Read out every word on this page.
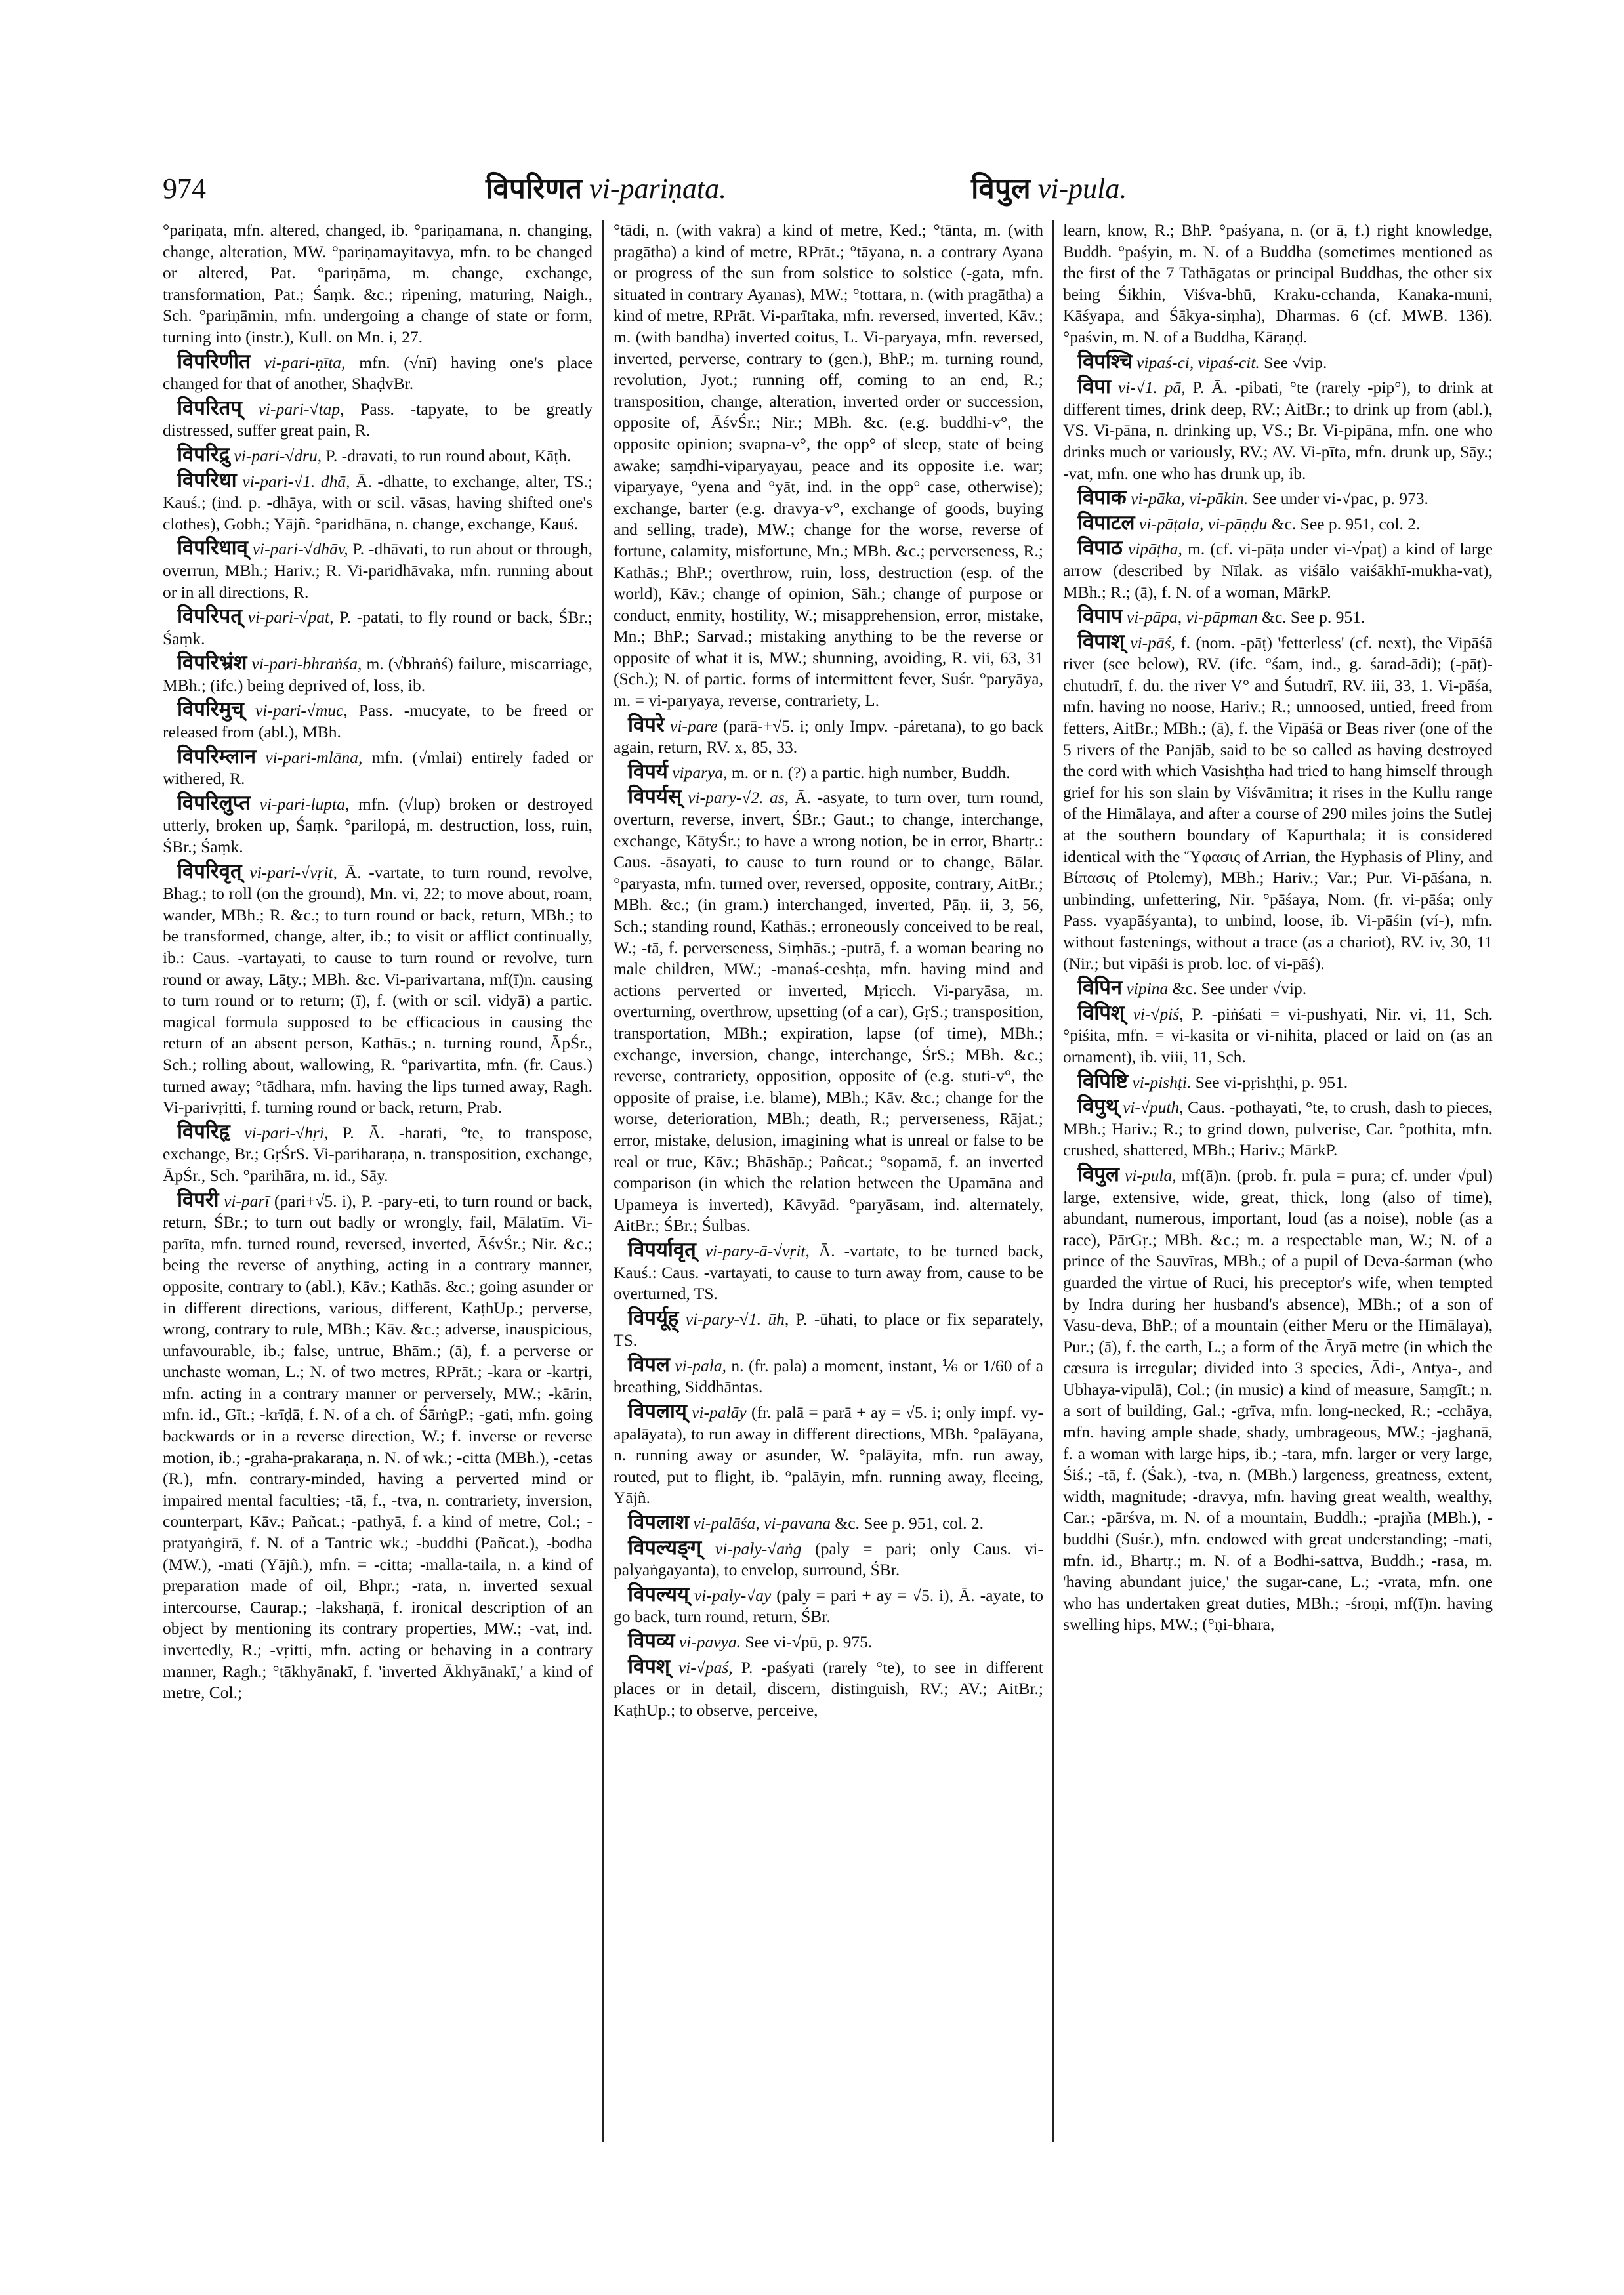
974	विपरिणत vi-pariṇata.	विपुल vi-pula.

°pariṇata, mfn. altered, changed, ib. °pariṇamana, n. changing, change, alteration, MW. °pariṇamayitavya, mfn. to be changed or altered, Pat. °pariṇāma, m. change, exchange, transformation, Pat.; Śaṃk. &c.; ripening, maturing, Naigh., Sch. °pariṇāmin, mfn. undergoing a change of state or form, turning into (instr.), Kull. on Mn. i, 27.

विपरिणीत vi-pari-ṇīta, mfn. (√nī) having one's place changed for that of another, ShaḍvBr.

विपरितप् vi-pari-√tap, Pass. -tapyate, to be greatly distressed, suffer great pain, R.

विपरिद्रु vi-pari-√dru, P. -dravati, to run round about, Kāṭh.

विपरिधा vi-pari-√1. dhā, Ā. -dhatte, to exchange, alter, TS.; Kauś.; (ind. p. -dhāya, with or scil. vāsas, having shifted one's clothes), Gobh.; Yājñ. °paridhāna, n. change, exchange, Kauś.

विपरिधाव् vi-pari-√dhāv, P. -dhāvati, to run about or through, overrun, MBh.; Hariv.; R. Vi-paridhāvaka, mfn. running about or in all directions, R.

विपरिपत् vi-pari-√pat, P. -patati, to fly round or back, ŚBr.; Śaṃk.

विपरिभ्रंश vi-pari-bhraṅśa, m. (√bhraṅś) failure, miscarriage, MBh.; (ifc.) being deprived of, loss, ib.

विपरिमुच् vi-pari-√muc, Pass. -mucyate, to be freed or released from (abl.), MBh.

विपरिम्लान vi-pari-mlāna, mfn. (√mlai) entirely faded or withered, R.

विपरिलुप्त vi-pari-lupta, mfn. (√lup) broken or destroyed utterly, broken up, Śaṃk. °parilopá, m. destruction, loss, ruin, ŚBr.; Śaṃk.

विपरिवृत् vi-pari-√vṛit, Ā. -vartate, to turn round, revolve, Bhag.; to roll (on the ground), Mn. vi, 22; to move about, roam, wander, MBh.; R. &c.; to turn round or back, return, MBh.; to be transformed, change, alter, ib.; to visit or afflict continually, ib.: Caus. -vartayati, to cause to turn round or revolve, turn round or away, Lāṭy.; MBh. &c. Vi-parivartana, mf(ī)n. causing to turn round or to return; (ī), f. (with or scil. vidyā) a partic. magical formula supposed to be efficacious in causing the return of an absent person, Kathās.; n. turning round, ĀpŚr., Sch.; rolling about, wallowing, R. °parivartita, mfn. (fr. Caus.) turned away; °tādhara, mfn. having the lips turned away, Ragh. Vi-parivṛitti, f. turning round or back, return, Prab.

विपरिहृ vi-pari-√hṛi, P. Ā. -harati, °te, to transpose, exchange, Br.; GṛŚrS. Vi-pariharaṇa, n. transposition, exchange, ĀpŚr., Sch. °parihāra, m. id., Sāy.

विपरी vi-parī (pari+√5. i), P. -pary-eti, to turn round or back, return, ŚBr.; to turn out badly or wrongly, fail, Mālatīm. Vi-parīta, mfn. turned round, reversed, inverted, ĀśvŚr.; Nir. &c.; being the reverse of anything, acting in a contrary manner, opposite, contrary to (abl.), Kāv.; Kathās. &c.; going asunder or in different directions, various, different, KaṭhUp.; perverse, wrong, contrary to rule, MBh.; Kāv. &c.; adverse, inauspicious, unfavourable, ib.; false, untrue, Bhām.; (ā), f. a perverse or unchaste woman, L.; N. of two metres, RPrāt.; -kara or -kartṛi, mfn. acting in a contrary manner or perversely, MW.; -kārin, mfn. id., Gīt.; -krīḍā, f. N. of a ch. of ŚārṅgP.; -gati, mfn. going backwards or in a reverse direction, W.; f. inverse or reverse motion, ib.; -graha-prakaraṇa, n. N. of wk.; -citta (MBh.), -cetas (R.), mfn. contrary-minded, having a perverted mind or impaired mental faculties; -tā, f., -tva, n. contrariety, inversion, counterpart, Kāv.; Pañcat.; -pathyā, f. a kind of metre, Col.; -pratyaṅgirā, f. N. of a Tantric wk.; -buddhi (Pañcat.), -bodha (MW.), -mati (Yājñ.), mfn. = -citta; -malla-taila, n. a kind of preparation made of oil, Bhpr.; -rata, n. inverted sexual intercourse, Caurap.; -lakshaṇā, f. ironical description of an object by mentioning its contrary properties, MW.; -vat, ind. invertedly, R.; -vṛitti, mfn. acting or behaving in a contrary manner, Ragh.; °tākhyānakī, f. 'inverted Ākhyānakī,' a kind of metre, Col.;

°tādi, n. (with vakra) a kind of metre, Ked.; °tānta, m. (with pragātha) a kind of metre, RPrāt.; °tāyana, n. a contrary Ayana or progress of the sun from solstice to solstice (-gata, mfn. situated in contrary Ayanas), MW.; °tottara, n. (with pragātha) a kind of metre, RPrāt. Vi-parītaka, mfn. reversed, inverted, Kāv.; m. (with bandha) inverted coitus, L. Vi-paryaya, mfn. reversed, inverted, perverse, contrary to (gen.), BhP.; m. turning round, revolution, Jyot.; running off, coming to an end, R.; transposition, change, alteration, inverted order or succession, opposite of, ĀśvŚr.; Nir.; MBh. &c. (e.g. buddhi-v°, the opposite opinion; svapna-v°, the opp° of sleep, state of being awake; saṃdhi-viparyayau, peace and its opposite i.e. war; viparyaye, °yena and °yāt, ind. in the opp° case, otherwise); exchange, barter (e.g. dravya-v°, exchange of goods, buying and selling, trade), MW.; change for the worse, reverse of fortune, calamity, misfortune, Mn.; MBh. &c.; perverseness, R.; Kathās.; BhP.; overthrow, ruin, loss, destruction (esp. of the world), Kāv.; change of opinion, Sāh.; change of purpose or conduct, enmity, hostility, W.; misapprehension, error, mistake, Mn.; BhP.; Sarvad.; mistaking anything to be the reverse or opposite of what it is, MW.; shunning, avoiding, R. vii, 63, 31 (Sch.); N. of partic. forms of intermittent fever, Suśr. °paryāya, m. = vi-paryaya, reverse, contrariety, L.

विपरे vi-pare (parā-+√5. i; only Impv. -páretana), to go back again, return, RV. x, 85, 33.

विपर्य viparya, m. or n. (?) a partic. high number, Buddh.

विपर्यस् vi-pary-√2. as, Ā. -asyate, to turn over, turn round, overturn, reverse, invert, ŚBr.; Gaut.; to change, interchange, exchange, KātyŚr.; to have a wrong notion, be in error, Bhartṛ.: Caus. -āsayati, to cause to turn round or to change, Bālar. °paryasta, mfn. turned over, reversed, opposite, contrary, AitBr.; MBh. &c.; (in gram.) interchanged, inverted, Pāṇ. ii, 3, 56, Sch.; standing round, Kathās.; erroneously conceived to be real, W.; -tā, f. perverseness, Siṃhās.; -putrā, f. a woman bearing no male children, MW.; -manaś-ceshṭa, mfn. having mind and actions perverted or inverted, Mṛicch. Vi-paryāsa, m. overturning, overthrow, upsetting (of a car), GṛS.; transposition, transportation, MBh.; expiration, lapse (of time), MBh.; exchange, inversion, change, interchange, ŚrS.; MBh. &c.; reverse, contrariety, opposition, opposite of (e.g. stuti-v°, the opposite of praise, i.e. blame), MBh.; Kāv. &c.; change for the worse, deterioration, MBh.; death, R.; perverseness, Rājat.; error, mistake, delusion, imagining what is unreal or false to be real or true, Kāv.; Bhāshāp.; Pañcat.; °sopamā, f. an inverted comparison (in which the relation between the Upamāna and Upameya is inverted), Kāvyād. °paryāsam, ind. alternately, AitBr.; ŚBr.; Śulbas.

विपर्यावृत् vi-pary-ā-√vṛit, Ā. -vartate, to be turned back, Kauś.: Caus. -vartayati, to cause to turn away from, cause to be overturned, TS.

विपर्यूह् vi-pary-√1. ūh, P. -ūhati, to place or fix separately, TS.

विपल vi-pala, n. (fr. pala) a moment, instant, ⅙ or 1/60 of a breathing, Siddhāntas.

विपलाय् vi-palāy (fr. palā = parā + ay = √5. i; only impf. vy-apalāyata), to run away in different directions, MBh. °palāyana, n. running away or asunder, W. °palāyita, mfn. run away, routed, put to flight, ib. °palāyin, mfn. running away, fleeing, Yājñ.

विपलाश vi-palāśa, vi-pavana &c. See p. 951, col. 2.

विपल्यङ्ग् vi-paly-√aṅg (paly = pari; only Caus. vi-palyaṅgayanta), to envelop, surround, ŚBr.

विपल्यय् vi-paly-√ay (paly = pari + ay = √5. i), Ā. -ayate, to go back, turn round, return, ŚBr.

विपव्य vi-pavya. See vi-√pū, p. 975.

विपश् vi-√paś, P. -paśyati (rarely °te), to see in different places or in detail, discern, distinguish, RV.; AV.; AitBr.; KaṭhUp.; to observe, perceive,

learn, know, R.; BhP. °paśyana, n. (or ā, f.) right knowledge, Buddh. °paśyin, m. N. of a Buddha (sometimes mentioned as the first of the 7 Tathāgatas or principal Buddhas, the other six being Śikhin, Viśva-bhū, Kraku-cchanda, Kanaka-muni, Kāśyapa, and Śākya-siṃha), Dharmas. 6 (cf. MWB. 136). °paśvin, m. N. of a Buddha, Kāraṇḍ.

विपश्चि vipaś-ci, vipaś-cit. See √vip.

विपा vi-√1. pā, P. Ā. -pibati, °te (rarely -pip°), to drink at different times, drink deep, RV.; AitBr.; to drink up from (abl.), VS. Vi-pāna, n. drinking up, VS.; Br. Vi-pipāna, mfn. one who drinks much or variously, RV.; AV. Vi-pīta, mfn. drunk up, Sāy.; -vat, mfn. one who has drunk up, ib.

विपाक vi-pāka, vi-pākin. See under vi-√pac, p. 973.

विपाटल vi-pāṭala, vi-pāṇḍu &c. See p. 951, col. 2.

विपाठ vipāṭha, m. (cf. vi-pāṭa under vi-√paṭ) a kind of large arrow (described by Nīlak. as viśālo vaiśākhī-mukha-vat), MBh.; R.; (ā), f. N. of a woman, MārkP.

विपाप vi-pāpa, vi-pāpman &c. See p. 951.

विपाश् vi-pāś, f. (nom. -pāṭ) 'fetterless' (cf. next), the Vipāśā river (see below), RV. (ifc. °śam, ind., g. śarad-ādi); (-pāṭ)-chutudrī, f. du. the river V° and Śutudrī, RV. iii, 33, 1. Vi-pāśa, mfn. having no noose, Hariv.; R.; unnoosed, untied, freed from fetters, AitBr.; MBh.; (ā), f. the Vipāśā or Beas river (one of the 5 rivers of the Panjāb, said to be so called as having destroyed the cord with which Vasishṭha had tried to hang himself through grief for his son slain by Viśvāmitra; it rises in the Kullu range of the Himālaya, and after a course of 290 miles joins the Sutlej at the southern boundary of Kapurthala; it is considered identical with the Ὕφασις of Arrian, the Hyphasis of Pliny, and Βίπασις of Ptolemy), MBh.; Hariv.; Var.; Pur. Vi-pāśana, n. unbinding, unfettering, Nir. °pāśaya, Nom. (fr. vi-pāśa; only Pass. vyapāśyanta), to unbind, loose, ib. Vi-pāśin (ví-), mfn. without fastenings, without a trace (as a chariot), RV. iv, 30, 11 (Nir.; but vipāśi is prob. loc. of vi-pāś).

विपिन vipina &c. See under √vip.

विपिश् vi-√piś, P. -piṅśati = vi-pushyati, Nir. vi, 11, Sch. °piśita, mfn. = vi-kasita or vi-nihita, placed or laid on (as an ornament), ib. viii, 11, Sch.

विपिष्टि vi-pishṭi. See vi-pṛishṭhi, p. 951.

विपुथ् vi-√puth, Caus. -pothayati, °te, to crush, dash to pieces, MBh.; Hariv.; R.; to grind down, pulverise, Car. °pothita, mfn. crushed, shattered, MBh.; Hariv.; MārkP.

विपुल vi-pula, mf(ā)n. (prob. fr. pula = pura; cf. under √pul) large, extensive, wide, great, thick, long (also of time), abundant, numerous, important, loud (as a noise), noble (as a race), PārGṛ.; MBh. &c.; m. a respectable man, W.; N. of a prince of the Sauvīras, MBh.; of a pupil of Deva-śarman (who guarded the virtue of Ruci, his preceptor's wife, when tempted by Indra during her husband's absence), MBh.; of a son of Vasu-deva, BhP.; of a mountain (either Meru or the Himālaya), Pur.; (ā), f. the earth, L.; a form of the Āryā metre (in which the cæsura is irregular; divided into 3 species, Ādi-, Antya-, and Ubhaya-vipulā), Col.; (in music) a kind of measure, Saṃgīt.; n. a sort of building, Gal.; -grīva, mfn. long-necked, R.; -cchāya, mfn. having ample shade, shady, umbrageous, MW.; -jaghanā, f. a woman with large hips, ib.; -tara, mfn. larger or very large, Śiś.; -tā, f. (Śak.), -tva, n. (MBh.) largeness, greatness, extent, width, magnitude; -dravya, mfn. having great wealth, wealthy, Car.; -pārśva, m. N. of a mountain, Buddh.; -prajña (MBh.), -buddhi (Suśr.), mfn. endowed with great understanding; -mati, mfn. id., Bhartṛ.; m. N. of a Bodhi-sattva, Buddh.; -rasa, m. 'having abundant juice,' the sugar-cane, L.; -vrata, mfn. one who has undertaken great duties, MBh.; -śroṇi, mf(ī)n. having swelling hips, MW.; (°ṇi-bhara,
